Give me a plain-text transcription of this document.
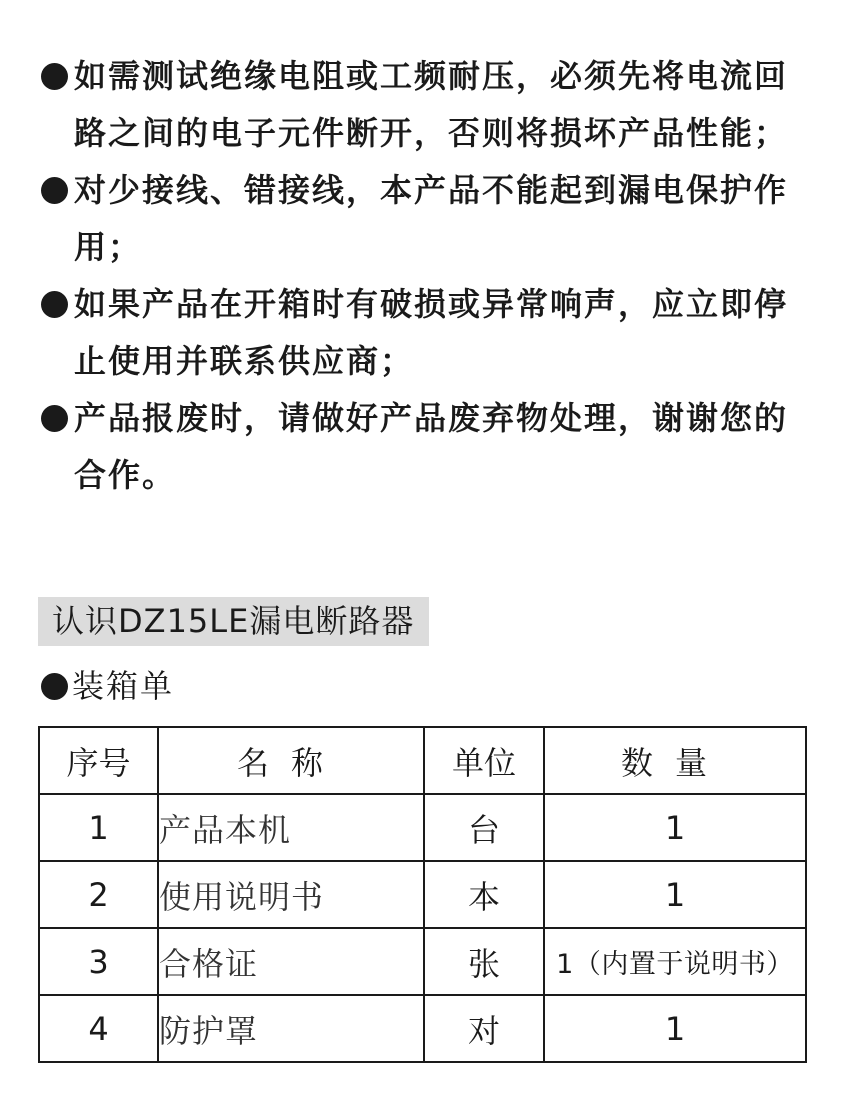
如需测试绝缘电阻或工频耐压，必须先将电流回
路之间的电子元件断开，否则将损坏产品性能；
对少接线、错接线，本产品不能起到漏电保护作
用；
如果产品在开箱时有破损或异常响声，应立即停
止使用并联系供应商；
产品报废时，请做好产品废弃物处理，谢谢您的
合作。
认识DZ15LE漏电断路器
装箱单
序号	名称	单位	数量
1	产品本机	台	1
2	使用说明书	本	1
3	合格证	张	1（内置于说明书）
4	防护罩	对	1
